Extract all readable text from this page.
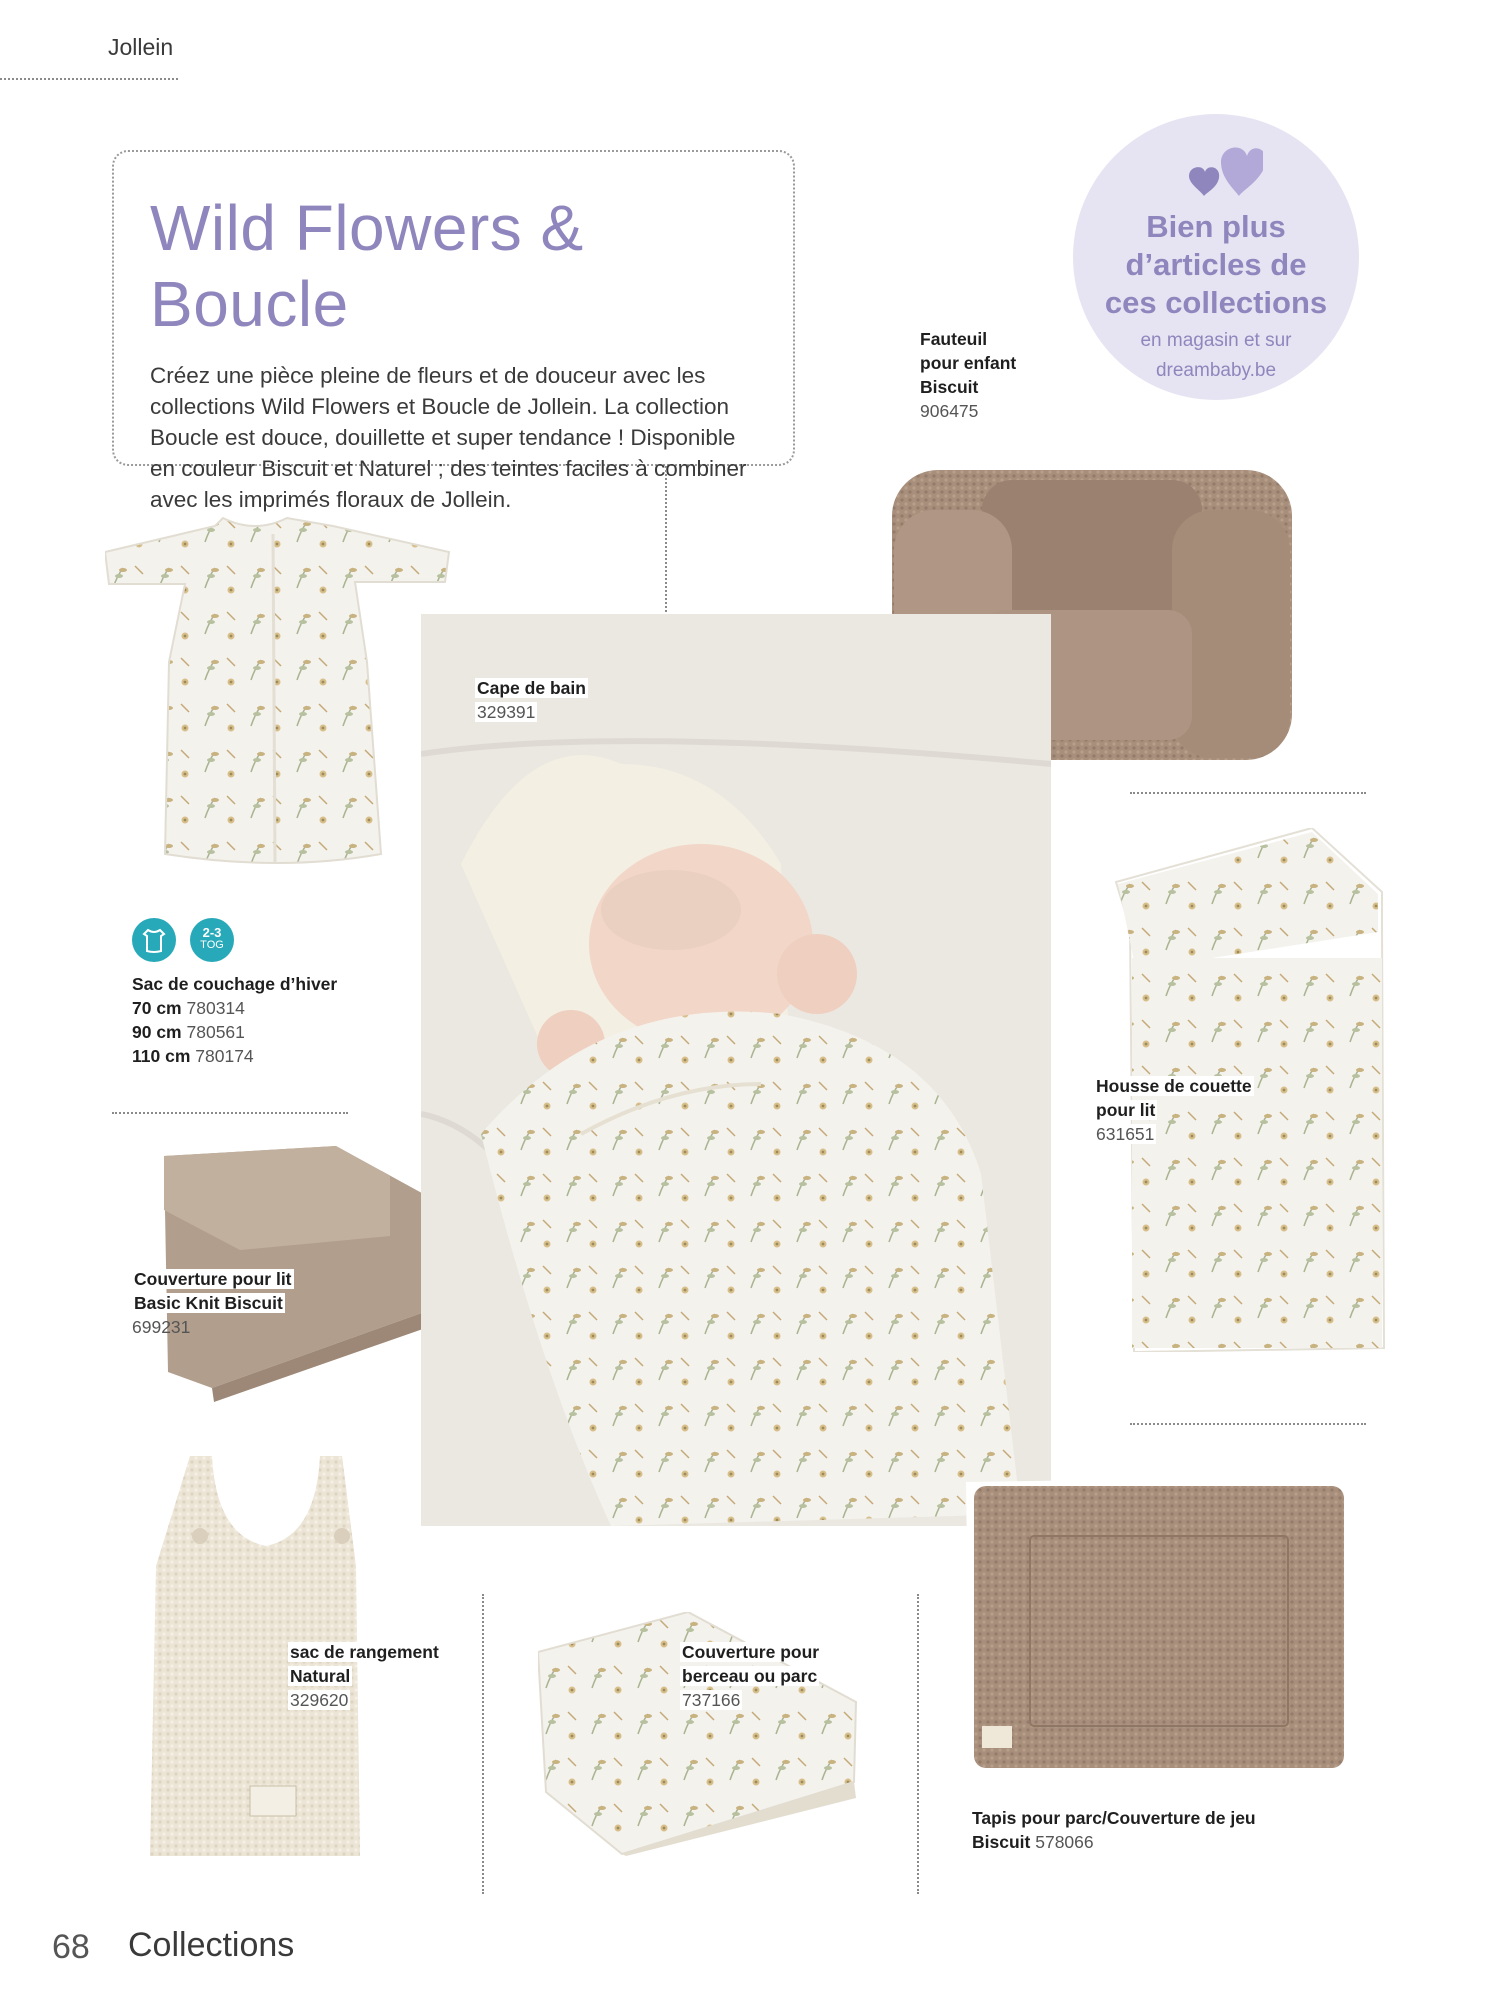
Jollein
Wild Flowers & Boucle

Créez une pièce pleine de fleurs et de douceur avec les collections Wild Flowers et Boucle de Jollein. La collection Boucle est douce, douillette et super tendance ! Disponible en couleur Biscuit et Naturel ; des teintes faciles à combiner avec les imprimés floraux de Jollein.

Bien plus
d’articles de
ces collections
en magasin et sur
dreambaby.be
Fauteuil
pour enfant
Biscuit
906475
2-3
TOG
Sac de couchage d’hiver
70 cm 780314
90 cm 780561
110 cm 780174
Couverture pour lit
Basic Knit Biscuit
699231
Cape de bain
329391
Housse de couette
pour lit
631651
sac de rangement
Natural
329620
Couverture pour
berceau ou parc
737166
Tapis pour parc/Couverture de jeu
Biscuit 578066
68 Collections
